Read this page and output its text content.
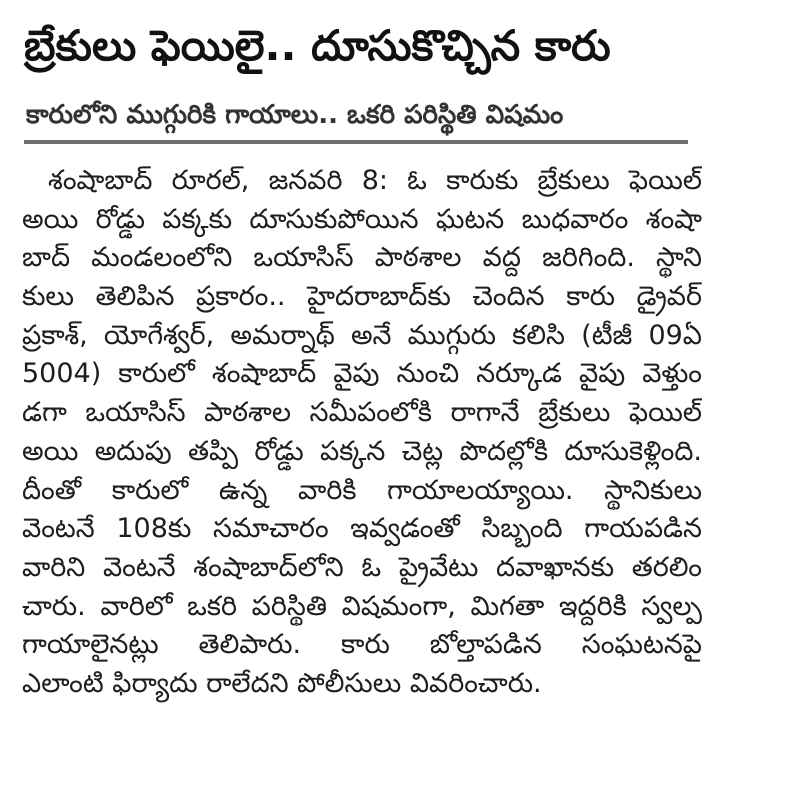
బ్రేకులు ఫెయిలై.. దూసుకొచ్చిన కారు
కారులోని ముగ్గురికి గాయాలు.. ఒకరి పరిస్థితి విషమం
శంషాబాద్ రూరల్, జనవరి 8: ఓ కారుకు బ్రేకులు ఫెయిల్
అయి రోడ్డు పక్కకు దూసుకుపోయిన ఘటన బుధవారం శంషా
బాద్ మండలంలోని ఒయాసిస్ పాఠశాల వద్ద జరిగింది. స్థాని
కులు తెలిపిన ప్రకారం.. హైదరాబాద్‌కు చెందిన కారు డ్రైవర్
ప్రకాశ్, యోగేశ్వర్, అమర్నాథ్ అనే ముగ్గురు కలిసి (టీజీ 09ఏ
5004) కారులో శంషాబాద్ వైపు నుంచి నర్కూడ వైపు వెళ్తుం
డగా ఒయాసిస్ పాఠశాల సమీపంలోకి రాగానే బ్రేకులు ఫెయిల్
అయి అదుపు తప్పి రోడ్డు పక్కన చెట్ల పొదల్లోకి దూసుకెళ్లింది.
దీంతో కారులో ఉన్న వారికి గాయాలయ్యాయి. స్థానికులు
వెంటనే 108కు సమాచారం ఇవ్వడంతో సిబ్బంది గాయపడిన
వారిని వెంటనే శంషాబాద్‌లోని ఓ ప్రైవేటు దవాఖానకు తరలిం
చారు. వారిలో ఒకరి పరిస్థితి విషమంగా, మిగతా ఇద్దరికి స్వల్ప
గాయాలైనట్లు తెలిపారు. కారు బోల్తాపడిన సంఘటనపై
ఎలాంటి ఫిర్యాదు రాలేదని పోలీసులు వివరించారు.
